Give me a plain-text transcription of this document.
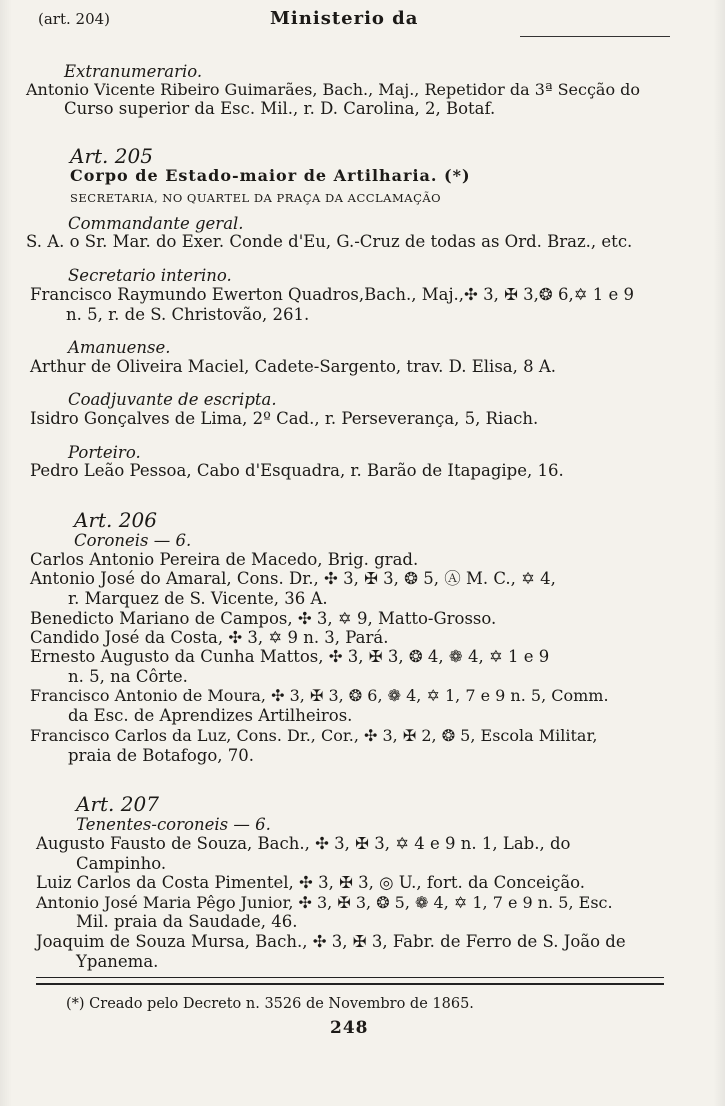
(art. 204)	Ministerio da
Extranumerario.
Antonio Vicente Ribeiro Guimarães, Bach., Maj., Repetidor da 3ª Secção do
Curso superior da Esc. Mil., r. D. Carolina, 2, Botaf.
Art. 205
Corpo de Estado-maior de Artilharia. (*)
SECRETARIA, NO QUARTEL DA PRAÇA DA ACCLAMAÇÃO
Commandante geral.
S. A. o Sr. Mar. do Exer. Conde d'Eu, G.-Cruz de todas as Ord. Braz., etc.
Secretario interino.
Francisco Raymundo Ewerton Quadros,Bach., Maj.,✣ 3, ✠ 3,❂ 6,✡ 1 e 9
n. 5, r. de S. Christovão, 261.
Amanuense.
Arthur de Oliveira Maciel, Cadete-Sargento, trav. D. Elisa, 8 A.
Coadjuvante de escripta.
Isidro Gonçalves de Lima, 2º Cad., r. Perseverança, 5, Riach.
Porteiro.
Pedro Leão Pessoa, Cabo d'Esquadra, r. Barão de Itapagipe, 16.
Art. 206
Coroneis — 6.
Carlos Antonio Pereira de Macedo, Brig. grad.
Antonio José do Amaral, Cons. Dr., ✣ 3, ✠ 3, ❂ 5, Ⓐ M. C., ✡ 4,
r. Marquez de S. Vicente, 36 A.
Benedicto Mariano de Campos, ✣ 3, ✡ 9, Matto-Grosso.
Candido José da Costa, ✣ 3, ✡ 9 n. 3, Pará.
Ernesto Augusto da Cunha Mattos, ✣ 3, ✠ 3, ❂ 4, ❁ 4, ✡ 1 e 9
n. 5, na Côrte.
Francisco Antonio de Moura, ✣ 3, ✠ 3, ❂ 6, ❁ 4, ✡ 1, 7 e 9 n. 5, Comm.
da Esc. de Aprendizes Artilheiros.
Francisco Carlos da Luz, Cons. Dr., Cor., ✣ 3, ✠ 2, ❂ 5, Escola Militar,
praia de Botafogo, 70.
Art. 207
Tenentes-coroneis — 6.
Augusto Fausto de Souza, Bach., ✣ 3, ✠ 3, ✡ 4 e 9 n. 1, Lab., do
Campinho.
Luiz Carlos da Costa Pimentel, ✣ 3, ✠ 3, ◎ U., fort. da Conceição.
Antonio José Maria Pêgo Junior, ✣ 3, ✠ 3, ❂ 5, ❁ 4, ✡ 1, 7 e 9 n. 5, Esc.
Mil. praia da Saudade, 46.
Joaquim de Souza Mursa, Bach., ✣ 3, ✠ 3, Fabr. de Ferro de S. João de
Ypanema.
(*) Creado pelo Decreto n. 3526 de Novembro de 1865.
248
